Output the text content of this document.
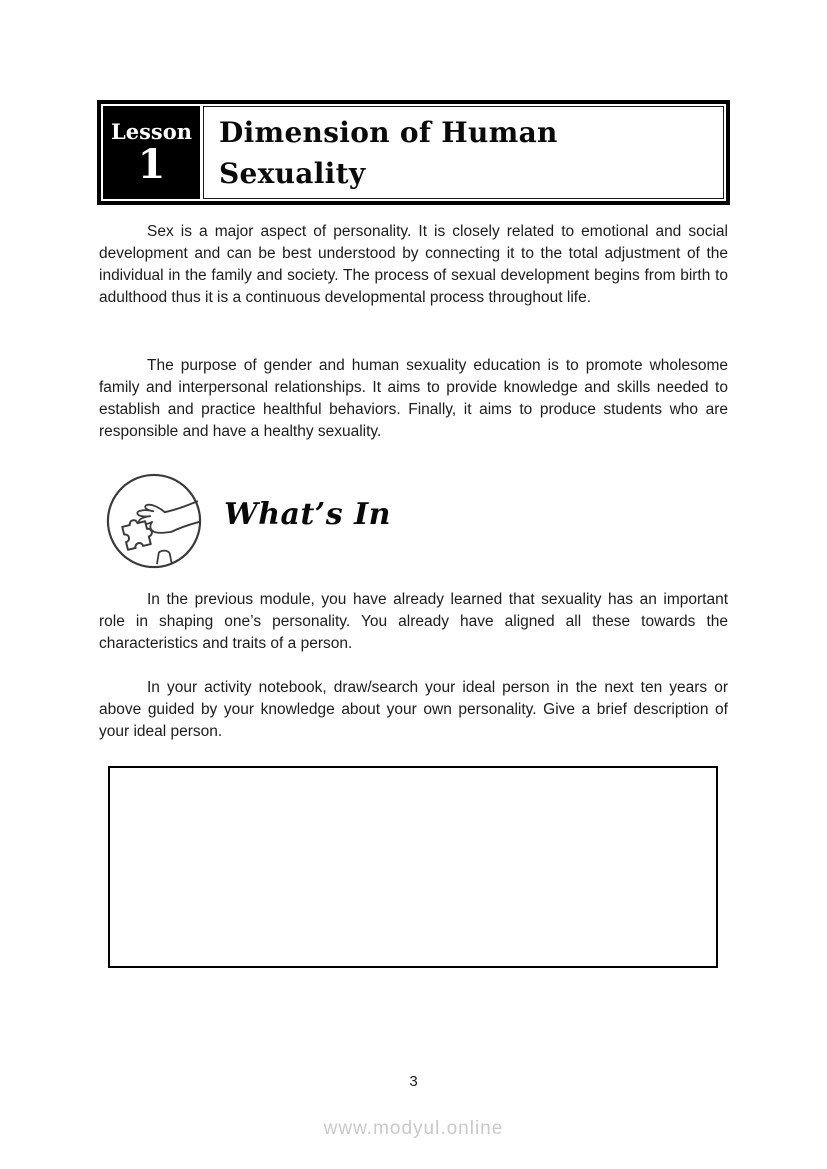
Lesson
1
Dimension of Human
Sexuality

Sex is a major aspect of personality. It is closely related to emotional and social development and can be best understood by connecting it to the total adjustment of the individual in the family and society. The process of sexual development begins from birth to adulthood thus it is a continuous developmental process throughout life.

The purpose of gender and human sexuality education is to promote wholesome family and interpersonal relationships. It aims to provide knowledge and skills needed to establish and practice healthful behaviors. Finally, it aims to produce students who are responsible and have a healthy sexuality.

What’s In

In the previous module, you have already learned that sexuality has an important role in shaping one’s personality. You already have aligned all these towards the characteristics and traits of a person.

In your activity notebook, draw/search your ideal person in the next ten years or above guided by your knowledge about your own personality. Give a brief description of your ideal person.

3
www.modyul.online
